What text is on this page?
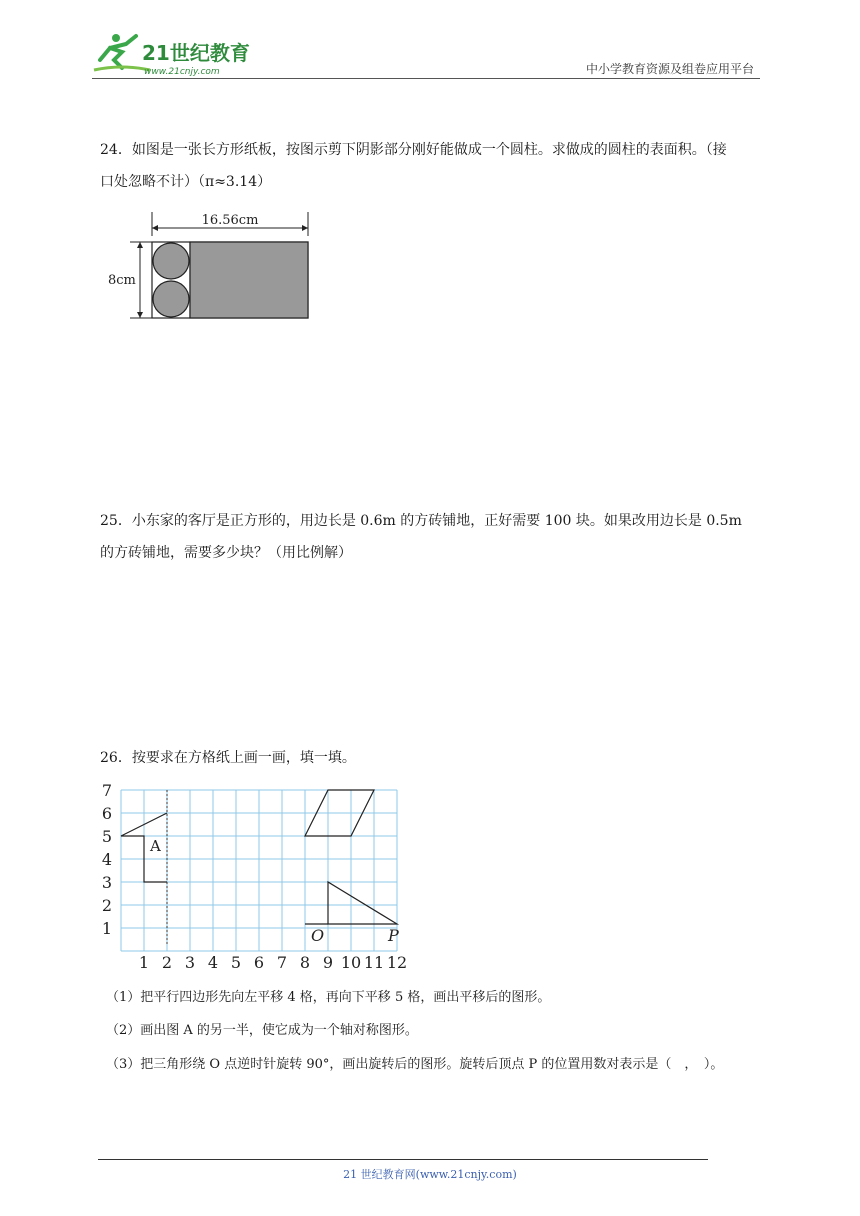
21世纪教育
www.21cnjy.com	中小学教育资源及组卷应用平台
24．如图是一张长方形纸板，按图示剪下阴影部分刚好能做成一个圆柱。求做成的圆柱的表面积。（接
口处忽略不计）（π≈3.14）
16.56cm
8cm
25．小东家的客厅是正方形的，用边长是 0.6m 的方砖铺地，正好需要 100 块。如果改用边长是 0.5m
的方砖铺地，需要多少块？（用比例解）
26．按要求在方格纸上画一画，填一填。
7
6
5
4
3
2
1
1 2 3 4 5 6 7 8 9 10 11 12
A
O	P
（1）把平行四边形先向左平移 4 格，再向下平移 5 格，画出平移后的图形。
（2）画出图 A 的另一半，使它成为一个轴对称图形。
（3）把三角形绕 O 点逆时针旋转 90°，画出旋转后的图形。旋转后顶点 P 的位置用数对表示是（　，　）。
21 世纪教育网(www.21cnjy.com)
